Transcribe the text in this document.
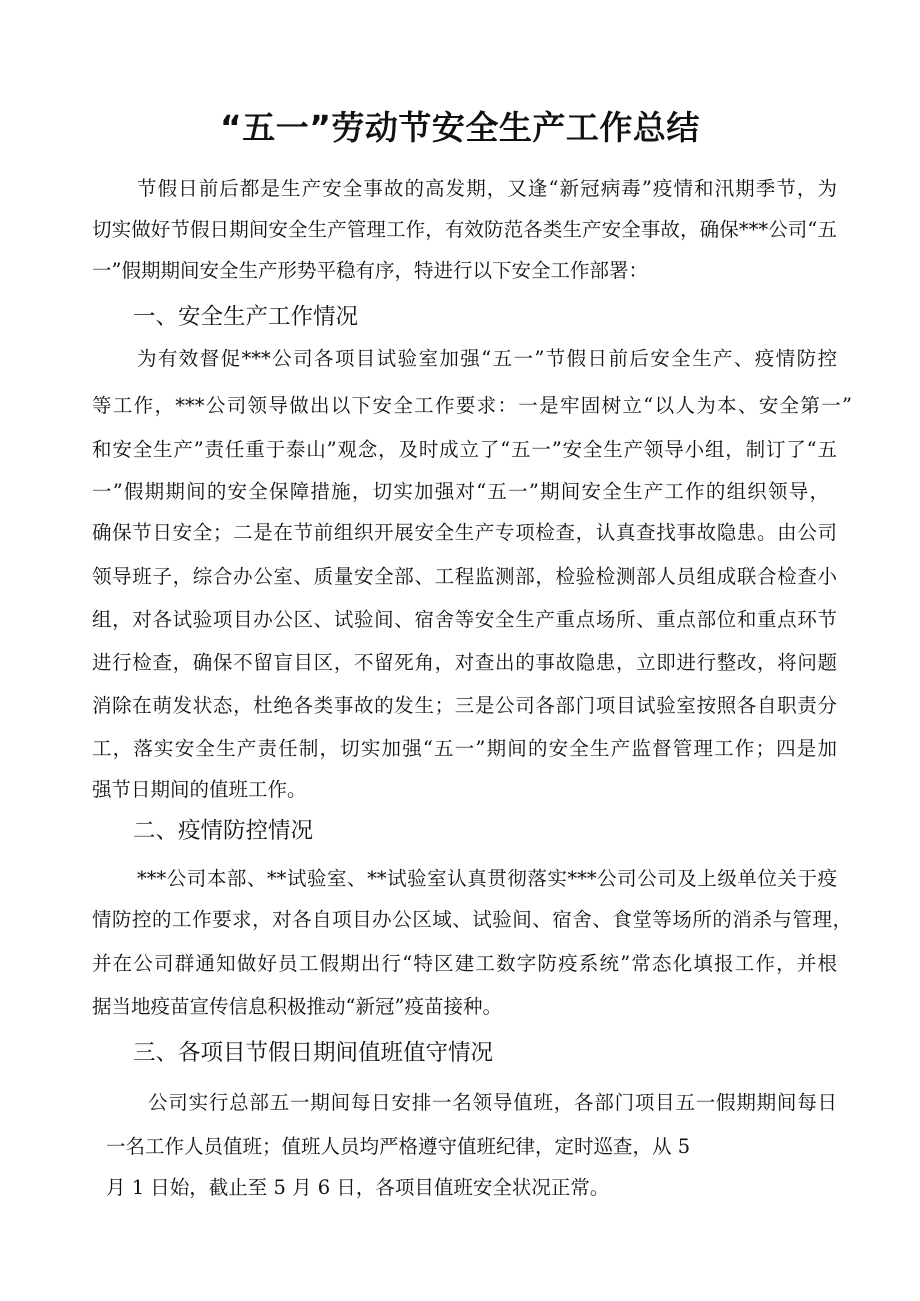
“五一”劳动节安全生产工作总结
节假日前后都是生产安全事故的高发期，又逢“新冠病毒”疫情和汛期季节，为
切实做好节假日期间安全生产管理工作，有效防范各类生产安全事故，确保***公司“五
一”假期期间安全生产形势平稳有序，特进行以下安全工作部署：
一、安全生产工作情况
为有效督促***公司各项目试验室加强“五一”节假日前后安全生产、疫情防控
等工作，***公司领导做出以下安全工作要求：一是牢固树立“以人为本、安全第一”
和安全生产”责任重于泰山”观念，及时成立了“五一”安全生产领导小组，制订了“五
一”假期期间的安全保障措施，切实加强对“五一”期间安全生产工作的组织领导，
确保节日安全；二是在节前组织开展安全生产专项检查，认真查找事故隐患。由公司
领导班子，综合办公室、质量安全部、工程监测部，检验检测部人员组成联合检查小
组，对各试验项目办公区、试验间、宿舍等安全生产重点场所、重点部位和重点环节
进行检查，确保不留盲目区，不留死角，对查出的事故隐患，立即进行整改，将问题
消除在萌发状态，杜绝各类事故的发生；三是公司各部门项目试验室按照各自职责分
工，落实安全生产责任制，切实加强“五一”期间的安全生产监督管理工作；四是加
强节日期间的值班工作。
二、疫情防控情况
***公司本部、**试验室、**试验室认真贯彻落实***公司公司及上级单位关于疫
情防控的工作要求，对各自项目办公区域、试验间、宿舍、食堂等场所的消杀与管理，
并在公司群通知做好员工假期出行“特区建工数字防疫系统”常态化填报工作，并根
据当地疫苗宣传信息积极推动“新冠”疫苗接种。
三、各项目节假日期间值班值守情况
公司实行总部五一期间每日安排一名领导值班，各部门项目五一假期期间每日
一名工作人员值班；值班人员均严格遵守值班纪律，定时巡查，从 5
月 1 日始，截止至 5 月 6 日，各项目值班安全状况正常。
